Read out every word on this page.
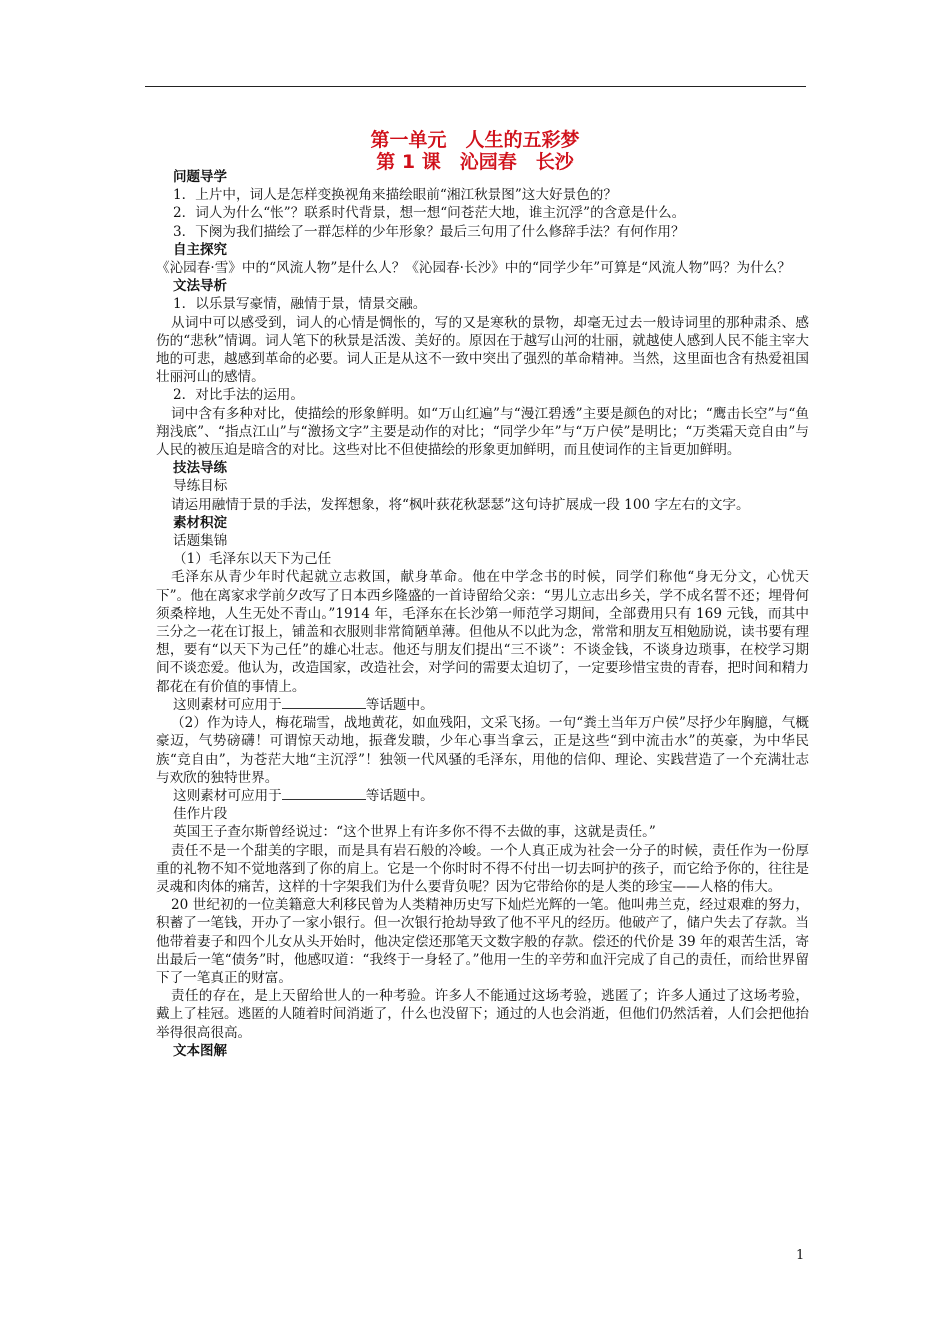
第一单元　人生的五彩梦
第 1 课　沁园春　长沙

问题导学

1．上片中，词人是怎样变换视角来描绘眼前“湘江秋景图”这大好景色的？

2．词人为什么“怅”？联系时代背景，想一想“问苍茫大地，谁主沉浮”的含意是什么。

3．下阕为我们描绘了一群怎样的少年形象？最后三句用了什么修辞手法？有何作用？

自主探究

《沁园春·雪》中的“风流人物”是什么人？《沁园春·长沙》中的“同学少年”可算是“风流人物”吗？为什么？

文法导析

1．以乐景写豪情，融情于景，情景交融。

从词中可以感受到，词人的心情是惆怅的，写的又是寒秋的景物，却毫无过去一般诗词里的那种肃杀、感伤的“悲秋”情调。词人笔下的秋景是活泼、美好的。原因在于越写山河的壮丽，就越使人感到人民不能主宰大地的可悲，越感到革命的必要。词人正是从这不一致中突出了强烈的革命精神。当然，这里面也含有热爱祖国壮丽河山的感情。

2．对比手法的运用。

词中含有多种对比，使描绘的形象鲜明。如“万山红遍”与“漫江碧透”主要是颜色的对比；“鹰击长空”与“鱼翔浅底”、“指点江山”与“激扬文字”主要是动作的对比；“同学少年”与“万户侯”是明比；“万类霜天竞自由”与人民的被压迫是暗含的对比。这些对比不但使描绘的形象更加鲜明，而且使词作的主旨更加鲜明。

技法导练

导练目标

请运用融情于景的手法，发挥想象，将“枫叶荻花秋瑟瑟”这句诗扩展成一段 100 字左右的文字。

素材积淀

话题集锦

（1）毛泽东以天下为己任

毛泽东从青少年时代起就立志救国，献身革命。他在中学念书的时候，同学们称他“身无分文，心忧天下”。他在离家求学前夕改写了日本西乡隆盛的一首诗留给父亲：“男儿立志出乡关，学不成名誓不还；埋骨何须桑梓地，人生无处不青山。”1914 年，毛泽东在长沙第一师范学习期间，全部费用只有 169 元钱，而其中三分之一花在订报上，铺盖和衣服则非常简陋单薄。但他从不以此为念，常常和朋友互相勉励说，读书要有理想，要有“以天下为己任”的雄心壮志。他还与朋友们提出“三不谈”：不谈金钱，不谈身边琐事，在校学习期间不谈恋爱。他认为，改造国家，改造社会，对学问的需要太迫切了，一定要珍惜宝贵的青春，把时间和精力都花在有价值的事情上。

这则素材可应用于	等话题中。

（2）作为诗人，梅花瑞雪，战地黄花，如血残阳，文采飞扬。一句“粪土当年万户侯”尽抒少年胸臆，气概豪迈，气势磅礴！可谓惊天动地，振聋发聩，少年心事当拿云，正是这些“到中流击水”的英豪，为中华民族“竞自由”，为苍茫大地“主沉浮”！独领一代风骚的毛泽东，用他的信仰、理论、实践营造了一个充满壮志与欢欣的独特世界。

这则素材可应用于	等话题中。

佳作片段

英国王子查尔斯曾经说过：“这个世界上有许多你不得不去做的事，这就是责任。”

责任不是一个甜美的字眼，而是具有岩石般的冷峻。一个人真正成为社会一分子的时候，责任作为一份厚重的礼物不知不觉地落到了你的肩上。它是一个你时时不得不付出一切去呵护的孩子，而它给予你的，往往是灵魂和肉体的痛苦，这样的十字架我们为什么要背负呢？因为它带给你的是人类的珍宝——人格的伟大。

20 世纪初的一位美籍意大利移民曾为人类精神历史写下灿烂光辉的一笔。他叫弗兰克，经过艰难的努力，积蓄了一笔钱，开办了一家小银行。但一次银行抢劫导致了他不平凡的经历。他破产了，储户失去了存款。当他带着妻子和四个儿女从头开始时，他决定偿还那笔天文数字般的存款。偿还的代价是 39 年的艰苦生活，寄出最后一笔“债务”时，他感叹道：“我终于一身轻了。”他用一生的辛劳和血汗完成了自己的责任，而给世界留下了一笔真正的财富。

责任的存在，是上天留给世人的一种考验。许多人不能通过这场考验，逃匿了；许多人通过了这场考验，戴上了桂冠。逃匿的人随着时间消逝了，什么也没留下；通过的人也会消逝，但他们仍然活着，人们会把他抬举得很高很高。

文本图解

1
